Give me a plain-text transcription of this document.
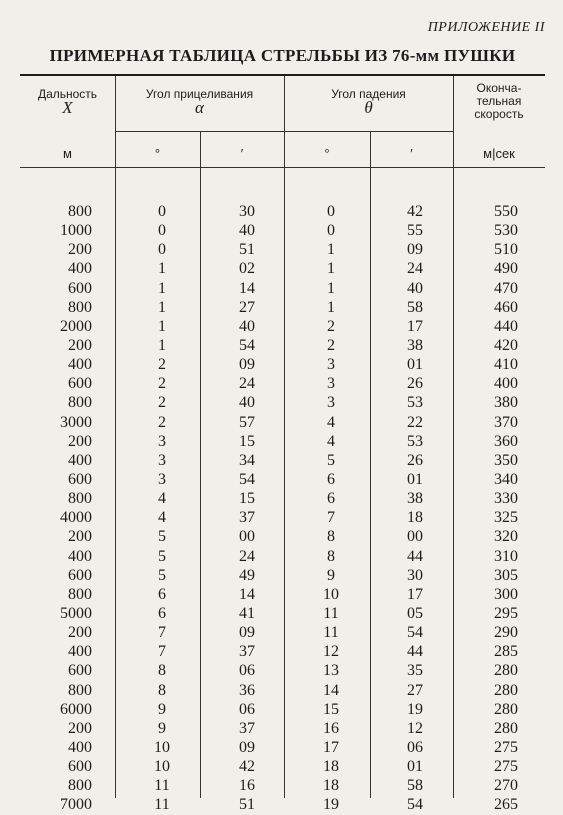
ПРИЛОЖЕНИЕ II
ПРИМЕРНАЯ ТАБЛИЦА СТРЕЛЬБЫ ИЗ 76-мм ПУШКИ
Дальность
X
Угол прицеливания
α
Угол падения
θ
Оконча-
тельная
скорость
м	°	′	°	′	м|сек
800	0	30	0	42	550
1000	0	40	0	55	530
200	0	51	1	09	510
400	1	02	1	24	490
600	1	14	1	40	470
800	1	27	1	58	460
2000	1	40	2	17	440
200	1	54	2	38	420
400	2	09	3	01	410
600	2	24	3	26	400
800	2	40	3	53	380
3000	2	57	4	22	370
200	3	15	4	53	360
400	3	34	5	26	350
600	3	54	6	01	340
800	4	15	6	38	330
4000	4	37	7	18	325
200	5	00	8	00	320
400	5	24	8	44	310
600	5	49	9	30	305
800	6	14	10	17	300
5000	6	41	11	05	295
200	7	09	11	54	290
400	7	37	12	44	285
600	8	06	13	35	280
800	8	36	14	27	280
6000	9	06	15	19	280
200	9	37	16	12	280
400	10	09	17	06	275
600	10	42	18	01	275
800	11	16	18	58	270
7000	11	51	19	54	265
